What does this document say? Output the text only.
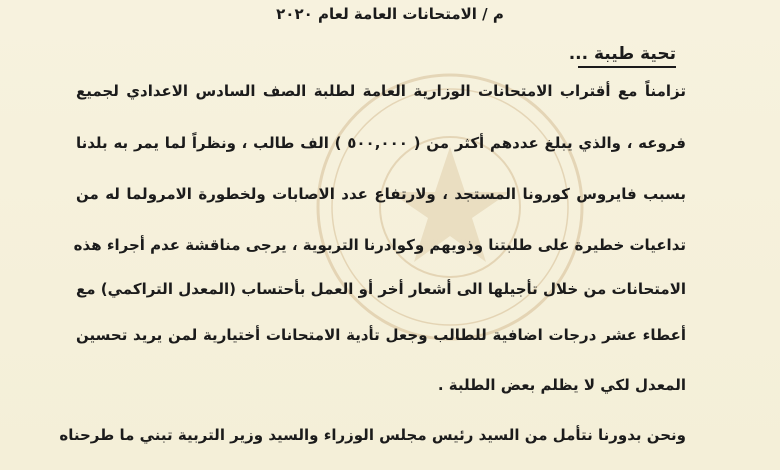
م / الامتحانات العامة لعام ٢٠٢٠
تحية طيبة ...
تزامناً مع أقتراب الامتحانات الوزارية العامة لطلبة الصف السادس الاعدادي لجميع
فروعه ، والذي يبلغ عددهم أكثر من ( ٥٠٠,٠٠٠ ) الف طالب ، ونظراً لما يمر به بلدنا
بسبب فايروس كورونا المستجد ، ولارتفاع عدد الاصابات ولخطورة الامرولما له من
تداعيات خطيرة على طلبتنا وذويهم وكوادرنا التربوية ، يرجى مناقشة عدم أجراء هذه
الامتحانات من خلال تأجيلها الى أشعار أخر أو العمل بأحتساب (المعدل التراكمي) مع
أعطاء عشر درجات اضافية للطالب وجعل تأدية الامتحانات أختيارية لمن يريد تحسين
المعدل لكي لا يظلم بعض الطلبة .
ونحن بدورنا نتأمل من السيد رئيس مجلس الوزراء والسيد وزير التربية تبني ما طرحناه
